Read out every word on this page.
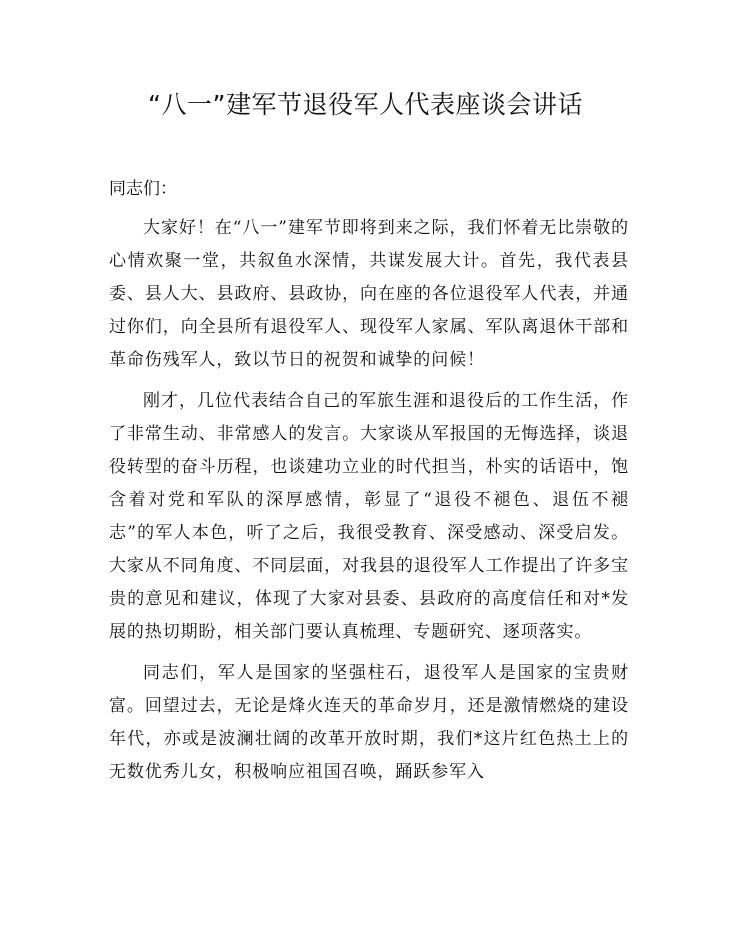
“八一”建军节退役军人代表座谈会讲话
同志们：

大家好！在“八一”建军节即将到来之际，我们怀着无比崇敬的心情欢聚一堂，共叙鱼水深情，共谋发展大计。首先，我代表县委、县人大、县政府、县政协，向在座的各位退役军人代表，并通过你们，向全县所有退役军人、现役军人家属、军队离退休干部和革命伤残军人，致以节日的祝贺和诚挚的问候！

刚才，几位代表结合自己的军旅生涯和退役后的工作生活，作了非常生动、非常感人的发言。大家谈从军报国的无悔选择，谈退役转型的奋斗历程，也谈建功立业的时代担当，朴实的话语中，饱含着对党和军队的深厚感情，彰显了“退役不褪色、退伍不褪志”的军人本色，听了之后，我很受教育、深受感动、深受启发。大家从不同角度、不同层面，对我县的退役军人工作提出了许多宝贵的意见和建议，体现了大家对县委、县政府的高度信任和对*发展的热切期盼，相关部门要认真梳理、专题研究、逐项落实。

同志们，军人是国家的坚强柱石，退役军人是国家的宝贵财富。回望过去，无论是烽火连天的革命岁月，还是激情燃烧的建设年代，亦或是波澜壮阔的改革开放时期，我们*这片红色热土上的无数优秀儿女，积极响应祖国召唤，踊跃参军入
